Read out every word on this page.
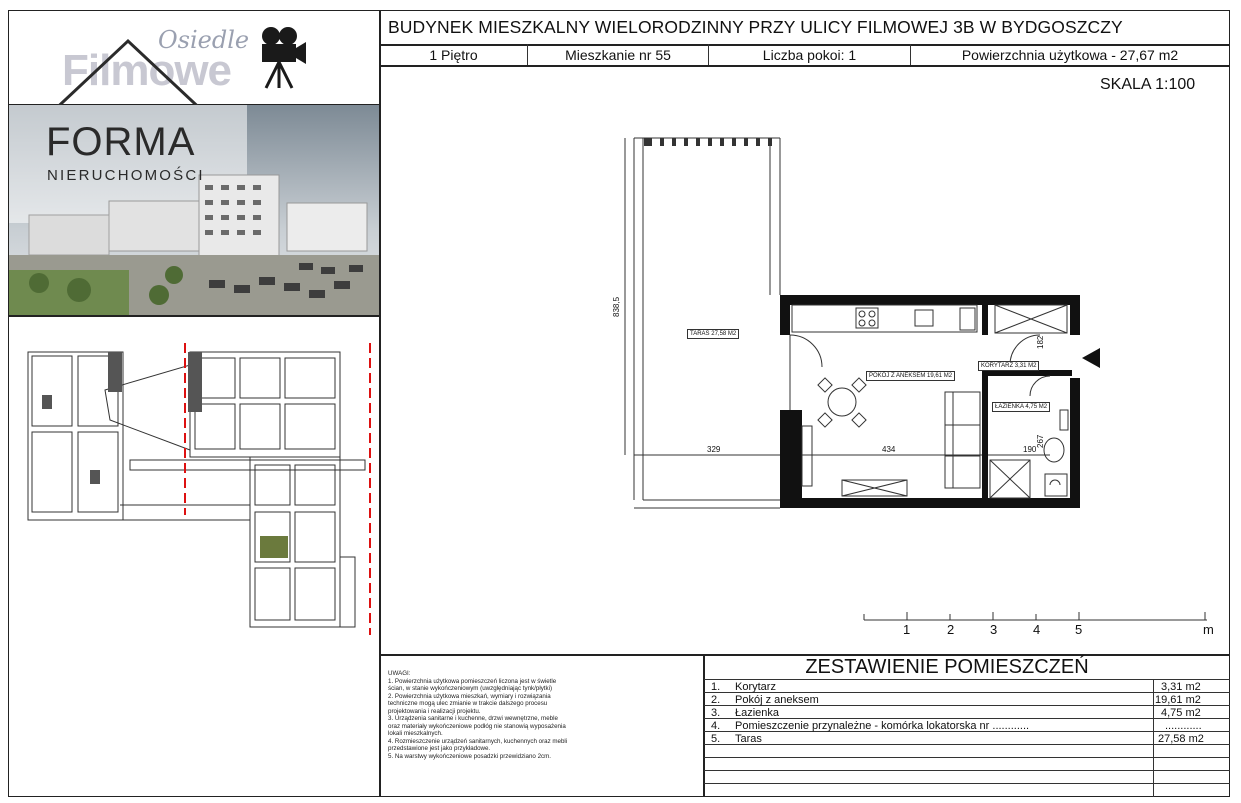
BUDYNEK MIESZKALNY WIELORODZINNY PRZY ULICY FILMOWEJ 3B W BYDGOSZCZY
1 Piętro	Mieszkanie nr 55	Liczba pokoi: 1	Powierzchnia użytkowa - 27,67 m2
SKALA 1:100
Osiedle
Filmowe
FORMA
NIERUCHOMOŚCI
TARAS 27,58 M2
POKÓJ Z ANEKSEM 19,61 M2
KORYTARZ 3,31 M2
ŁAZIENKA 4,75 M2
838,5
329	434	190
267
182
1	2	3	4	5	m
UWAGI:
1. Powierzchnia użytkowa pomieszczeń liczona jest w świetle ścian, w stanie wykończeniowym (uwzględniając tynk/płytki)
2. Powierzchnia użytkowa mieszkań, wymiary i rozwiązania techniczne mogą ulec zmianie w trakcie dalszego procesu projektowania i realizacji projektu.
3. Urządzenia sanitarne i kuchenne, drzwi wewnętrzne, meble oraz materiały wykończeniowe podłóg nie stanowią wyposażenia lokali mieszkalnych.
4. Rozmieszczenie urządzeń sanitarnych, kuchennych oraz mebli przedstawione jest jako przykładowe.
5. Na warstwy wykończeniowe posadzki przewidziano 2cm.
ZESTAWIENIE POMIESZCZEŃ
1. Korytarz	3,31 m2
2. Pokój z aneksem	19,61 m2
3. Łazienka	4,75 m2
4. Pomieszczenie przynależne - komórka lokatorska nr ............	............
5. Taras	27,58 m2
